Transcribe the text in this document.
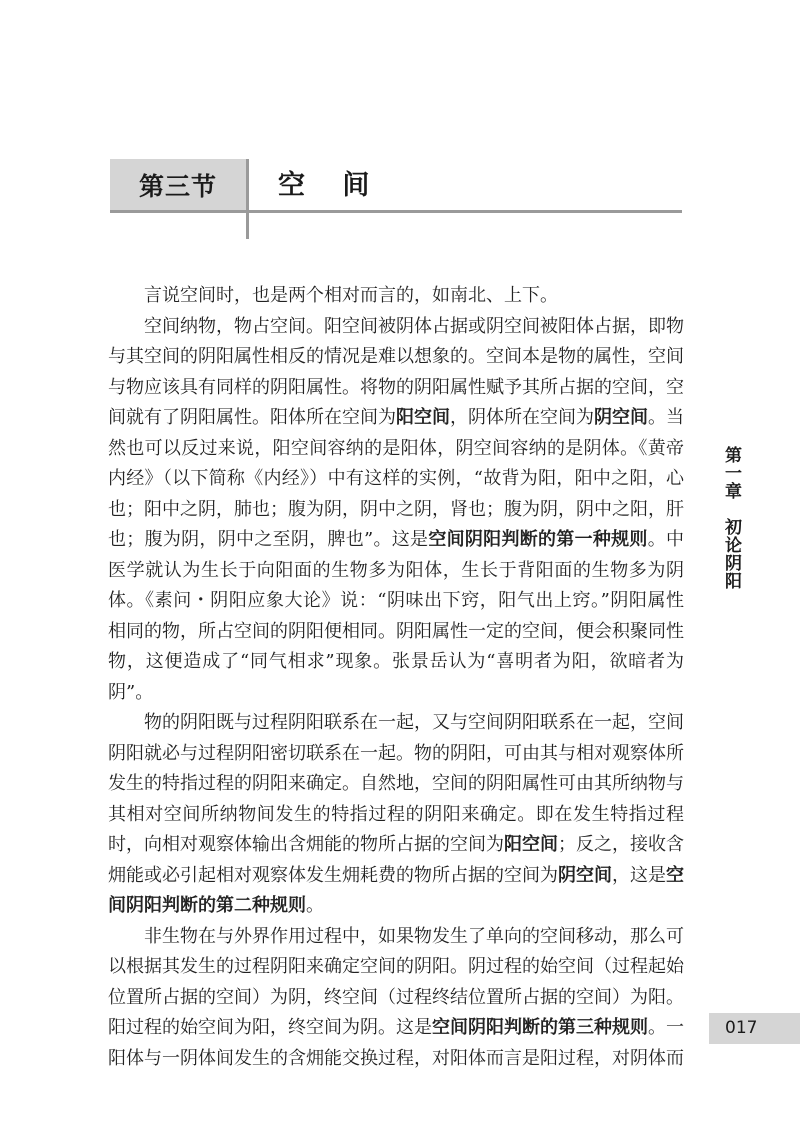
第三节	空 间

言说空间时，也是两个相对而言的，如南北、上下。

空间纳物，物占空间。阳空间被阴体占据或阴空间被阳体占据，即物与其空间的阴阳属性相反的情况是难以想象的。空间本是物的属性，空间与物应该具有同样的阴阳属性。将物的阴阳属性赋予其所占据的空间，空间就有了阴阳属性。阳体所在空间为阳空间，阴体所在空间为阴空间。当然也可以反过来说，阳空间容纳的是阳体，阴空间容纳的是阴体。《黄帝内经》（以下简称《内经》）中有这样的实例，“故背为阳，阳中之阳，心也；阳中之阴，肺也；腹为阴，阴中之阴，肾也；腹为阴，阴中之阳，肝也；腹为阴，阴中之至阴，脾也”。这是空间阴阳判断的第一种规则。中医学就认为生长于向阳面的生物多为阳体，生长于背阳面的生物多为阴体。《素问・阴阳应象大论》说：“阴味出下窍，阳气出上窍。”阴阳属性相同的物，所占空间的阴阳便相同。阴阳属性一定的空间，便会积聚同性物，这便造成了“同气相求”现象。张景岳认为“喜明者为阳，欲暗者为阴”。

物的阴阳既与过程阴阳联系在一起，又与空间阴阳联系在一起，空间阴阳就必与过程阴阳密切联系在一起。物的阴阳，可由其与相对观察体所发生的特指过程的阴阳来确定。自然地，空间的阴阳属性可由其所纳物与其相对空间所纳物间发生的特指过程的阴阳来确定。即在发生特指过程时，向相对观察体输出含㶲能的物所占据的空间为阳空间；反之，接收含㶲能或必引起相对观察体发生㶲耗费的物所占据的空间为阴空间，这是空间阴阳判断的第二种规则。

非生物在与外界作用过程中，如果物发生了单向的空间移动，那么可以根据其发生的过程阴阳来确定空间的阴阳。阴过程的始空间（过程起始位置所占据的空间）为阴，终空间（过程终结位置所占据的空间）为阳。阳过程的始空间为阳，终空间为阴。这是空间阴阳判断的第三种规则。一阳体与一阴体间发生的含㶲能交换过程，对阳体而言是阳过程，对阴体而

第一章　初论阴阳
017
